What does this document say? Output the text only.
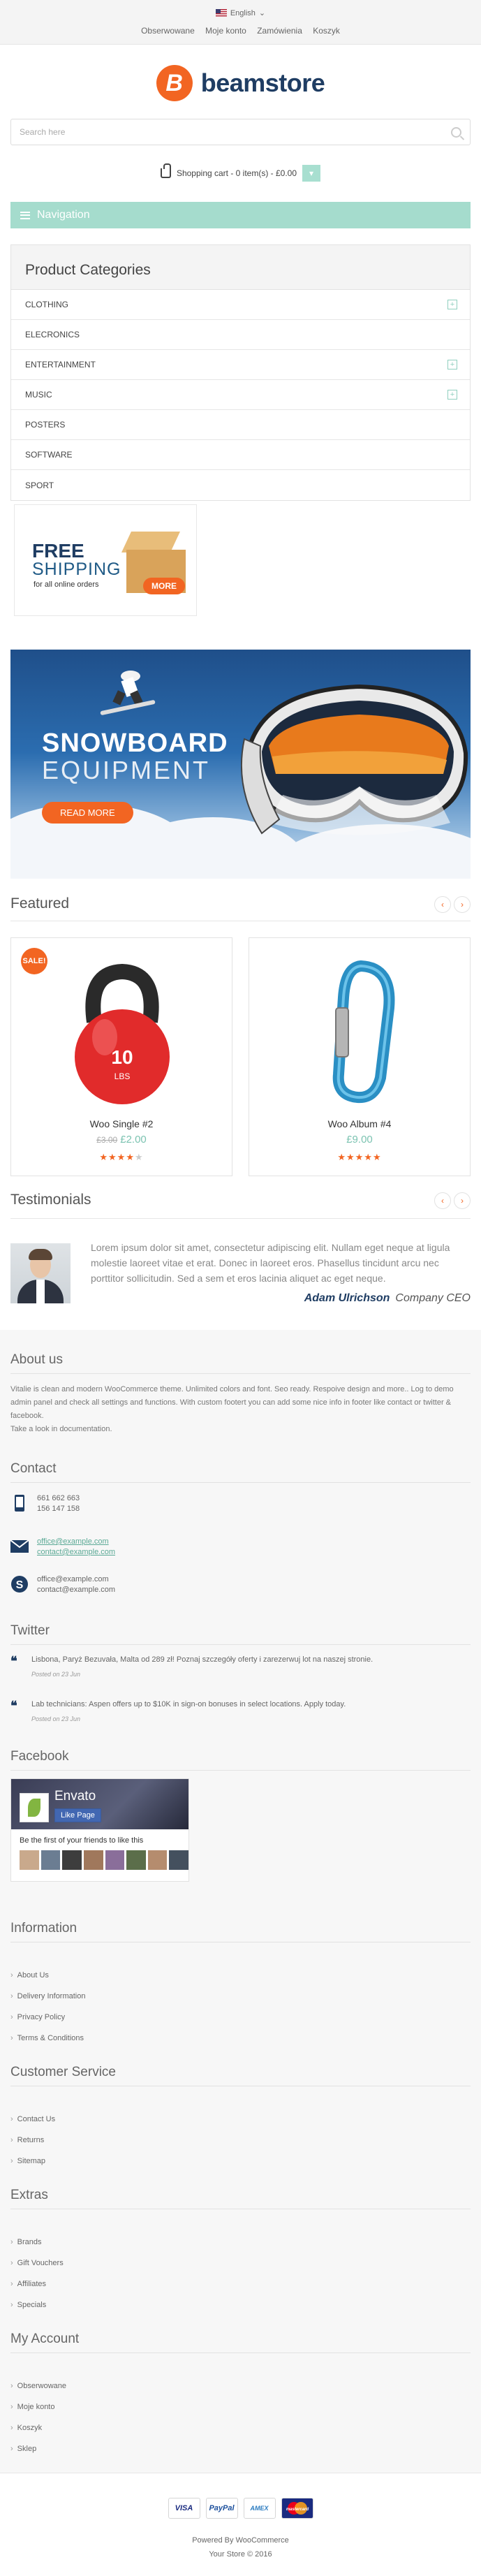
English ⌄
Obserwowane Moje konto Zamówienia Koszyk
B beamstore
Search here
Shopping cart - 0 item(s) - £0.00	▾
Navigation
Product Categories
CLOTHING	+
ELECRONICS
ENTERTAINMENT	+
MUSIC	+
POSTERS
SOFTWARE
SPORT
FREE
SHIPPING
for all online orders	MORE
SNOWBOARD
EQUIPMENT
READ MORE
Featured	‹	›
SALE!
10
LBS
Woo Single #2
£3.00 £2.00
★★★★★
Woo Album #4
£9.00
★★★★★
Testimonials	‹	›
Lorem ipsum dolor sit amet, consectetur adipiscing elit. Nullam eget neque at ligula molestie laoreet vitae et erat. Donec in laoreet eros. Phasellus tincidunt arcu nec porttitor sollicitudin. Sed a sem et eros lacinia aliquet ac eget neque.
Adam Ulrichson Company CEO
About us
Vitalie is clean and modern WooCommerce theme. Unlimited colors and font. Seo ready. Respoive design and more.. Log to demo admin panel and check all settings and functions. With custom footert you can add some nice info in footer like contact or twitter & facebook.
Take a look in documentation.
Contact
661 662 663
156 147 158
office@example.com
contact@example.com
S office@example.com
contact@example.com
Twitter
❝ Lisbona, Paryż Bezuvała, Malta od 289 zł! Poznaj szczegóły oferty i zarezerwuj lot na naszej stronie.
Posted on 23 Jun
❝ Lab technicians: Aspen offers up to $10K in sign-on bonuses in select locations. Apply today.
Posted on 23 Jun
Facebook
Information
› About Us
› Delivery Information
› Privacy Policy
› Terms & Conditions
Customer Service
› Contact Us
› Returns
› Sitemap
Extras
› Brands
› Gift Vouchers
› Affiliates
› Specials
My Account
› Obserwowane
› Moje konto
› Koszyk
› Sklep
Envato
Like Page
Be the first of your friends to like this
VISA	PayPal	AMEX	mastercard
Powered By WooCommerce
Your Store © 2016
